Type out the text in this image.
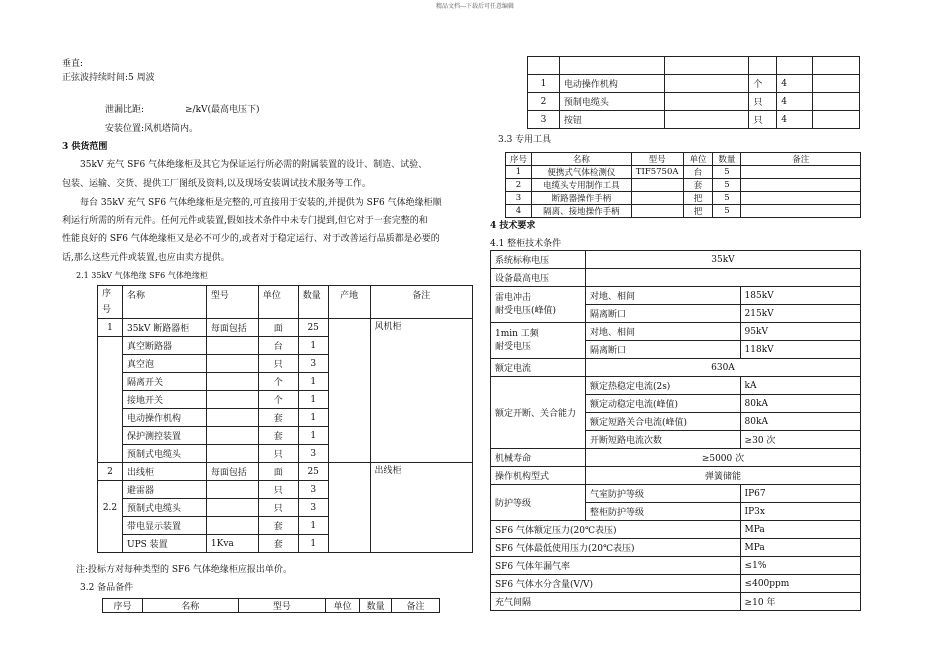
精品文档---下载后可任意编辑
垂直:
正弦波持续时间:5 周波
泄漏比距:	≥/kV(最高电压下)
安装位置:风机塔筒内。
3 供货范围
35kV 充气 SF6 气体绝缘柜及其它为保证运行所必需的附属装置的设计、制造、试验、
包装、运输、交货、提供工厂图纸及资料,以及现场安装调试技术服务等工作。
每台 35kV 充气 SF6 气体绝缘柜是完整的,可直接用于安装的,并提供为 SF6 气体绝缘柜顺
利运行所需的所有元件。任何元件或装置,假如技术条件中未专门提到,但它对于一套完整的和
性能良好的 SF6 气体绝缘柜又是必不可少的,或者对于稳定运行、对于改善运行品质都是必要的
话,那么这些元件或装置,也应由卖方提供。
2.1 35kV 气体绝缘 SF6 气体绝缘柜
序
号	名称	型号	单位	数量	产地	备注
1	35kV 断路器柜	每面包括	面	25		风机柜
	真空断路器		台	1		
	真空泡		只	3		
	隔离开关		个	1		
	接地开关		个	1		
	电动操作机构		套	1		
	保护测控装置		套	1		
	预制式电缆头		只	3		
2	出线柜	每面包括	面	25		出线柜
	避雷器		只	3		
2.2	预制式电缆头		只	3		
	带电显示装置		套	1		
	UPS 装置	1Kva	套	1		
注:投标方对每种类型的 SF6 气体绝缘柜应报出单价。
3.2 备品备件
序号	名称	型号	单位	数量	备注

1	电动操作机构		个	4	
2	预制电缆头		只	4	
3	按钮		只	4	
3.3 专用工具
序号	名称	型号	单位	数量	备注
1	便携式气体检测仪	TIF5750A	台	5	
2	电缆头专用制作工具		套	5	
3	断路器操作手柄		把	5	
4	隔离、接地操作手柄		把	5	
4 技术要求
4.1 整柜技术条件
系统标称电压	35kV	
设备最高电压		
雷电冲击
耐受电压(峰值)	对地、相间	185kV
	隔离断口	215kV
1min 工频
耐受电压	对地、相间	95kV
	隔离断口	118kV
额定电流	630A	
额定开断、关合能力	额定热稳定电流(2s)	kA
	额定动稳定电流(峰值)	80kA
	额定短路关合电流(峰值)	80kA
	开断短路电流次数	≥30 次
机械寿命	≥5000 次	
操作机构型式	弹簧储能	
防护等级	气室防护等级	IP67
	整柜防护等级	IP3x
SF6 气体额定压力(20℃表压)		MPa
SF6 气体最低使用压力(20℃表压)		MPa
SF6 气体年漏气率		≤1%
SF6 气体水分含量(V/V)		≤400ppm
充气间隔		≥10 年
